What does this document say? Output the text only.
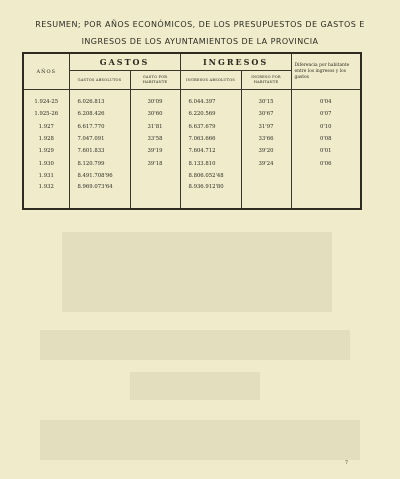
RESUMEN; POR AÑOS ECONÓMICOS, DE LOS PRESUPUESTOS DE GASTOS E
INGRESOS DE LOS AYUNTAMIENTOS DE LA PROVINCIA
AÑOS	GASTOS		INGRESOS		Diferencia por habitante entre los ingresos y los gastos
	GASTOS ABSOLUTOS	GASTO POR HABITANTE	INGRESOS ABSOLUTOS	INGRESO POR HABITANTE	
1.924-25	6.026.813	30'09	6.044.397	30'15	0'04
1.925-26	6.208.426	30'60	6.220.569	30'67	0'07
1.927	6.617.770	31'81	6.637.679	31'97	0'10
1.928	7.047.091	33'58	7.063.666	33'66	0'08
1.929	7.601.833	39'19	7.604.712	39'20	0'01
1.930	8.120.799	39'18	8.133.810	39'24	0'06
1.931	8.491.708'96		8.806.052'48		
1.932	8.969.073'64		8.936.912'80		
7
